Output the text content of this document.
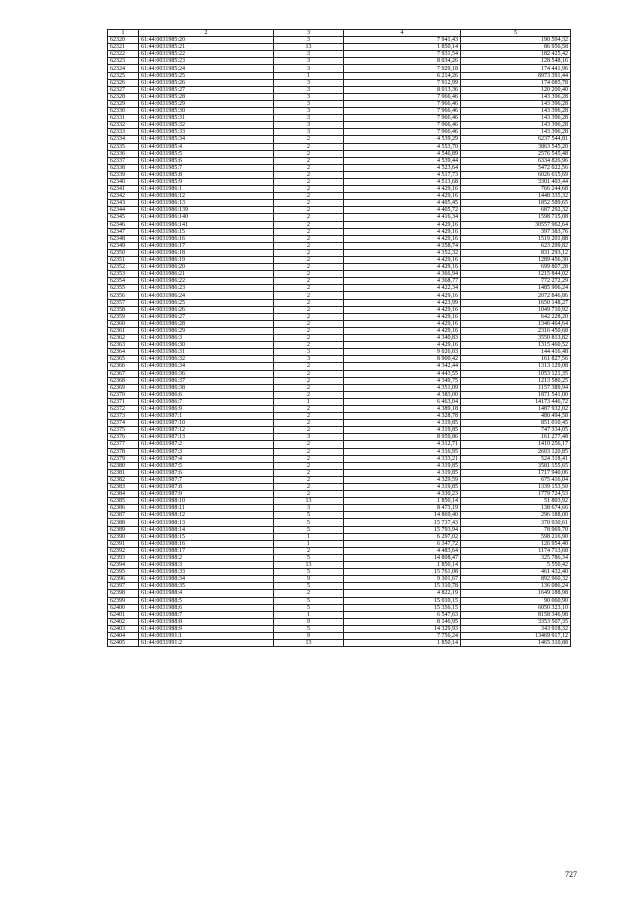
1	2	3	4	5
62320	61:44:0031985:20	3	7 941,43	190 594,32
62321	61:44:0031985:21	13	1 850,14	86 956,58
62322	61:44:0031985:22	3	7 931,54	182 425,42
62323	61:44:0031985:23	3	8 034,26	128 548,16
62324	61:44:0031985:24	3	7 929,18	174 441,96
62325	61:44:0031985:25	1	6 214,26	8973 391,44
62326	61:44:0031985:26	3	7 912,99	174 085,78
62327	61:44:0031985:27	3	8 013,36	120 200,40
62328	61:44:0031985:28	3	7 966,46	143 396,28
62329	61:44:0031985:29	3	7 966,46	143 396,28
62330	61:44:0031985:30	3	7 966,46	143 396,28
62331	61:44:0031985:31	3	7 966,46	143 396,28
62332	61:44:0031985:32	3	7 966,46	143 396,28
62333	61:44:0031985:33	3	7 966,46	143 396,28
62334	61:44:0031985:34	2	4 539,29	6237 544,81
62335	61:44:0031985:4	2	4 553,70	3863 545,20
62336	61:44:0031985:5	2	4 546,89	2576 545,48
62337	61:44:0031985:6	2	4 539,44	6334 826,96
62338	61:44:0031985:7	2	4 523,64	5472 022,56
62339	61:44:0031985:8	2	4 517,73	6026 615,69
62340	61:44:0031985:9	2	4 513,68	3301 403,44
62341	61:44:0031986:1	2	4 429,16	766 244,68
62342	61:44:0031986:12	2	4 429,16	1448 335,32
62343	61:44:0031986:13	2	4 405,45	1852 589,65
62344	61:44:0031986:139	2	4 405,72	687 292,32
62345	61:44:0031986:140	2	4 416,34	1598 715,08
62346	61:44:0031986:141	2	4 429,16	30557 962,64
62347	61:44:0031986:15	2	4 429,16	397 383,76
62348	61:44:0031986:16	2	4 429,16	1519 201,88
62349	61:44:0031986:17	2	4 358,74	623 299,82
62350	61:44:0031986:18	2	4 352,32	831 293,12
62351	61:44:0031986:19	2	4 429,16	1289 456,30
62352	61:44:0031986:20	2	4 429,16	699 807,28
62353	61:44:0031986:21	2	4 366,94	1215 844,02
62354	61:44:0031986:22	2	4 368,77	772 272,29
62355	61:44:0031986:23	2	4 422,34	1485 906,24
62356	61:44:0031986:24	2	4 429,16	2072 846,86
62357	61:44:0031986:25	2	4 423,99	1650 148,27
62358	61:44:0031986:26	2	4 429,16	1049 710,92
62359	61:44:0031986:27	2	4 429,16	642 228,20
62360	61:44:0031986:28	2	4 429,16	1346 464,64
62361	61:44:0031986:29	2	4 429,16	2316 450,68
62362	61:44:0031986:3	2	4 340,83	3550 813,82
62363	61:44:0031986:30	2	4 429,16	1315 460,52
62364	61:44:0031986:31	3	9 026,03	144 416,48
62365	61:44:0031986:32	3	8 900,42	161 827,56
62366	61:44:0031986:34	2	4 342,44	1313 129,08
62367	61:44:0031986:36	2	4 443,55	1053 121,35
62368	61:44:0031986:37	2	4 349,75	1213 580,25
62369	61:44:0031986:38	2	4 351,09	1157 389,94
62370	61:44:0031986:6	2	4 383,00	1871 541,00
62371	61:44:0031986:7	1	6 463,04	14173 446,72
62372	61:44:0031986:9	2	4 389,18	1487 932,02
62373	61:44:0031987:1	2	4 328,78	480 494,58
62374	61:44:0031987:10	2	4 319,85	851 010,45
62375	61:44:0031987:12	2	4 319,85	747 334,05
62376	61:44:0031987:13	3	8 959,86	161 277,48
62377	61:44:0031987:2	2	4 312,71	1410 256,17
62378	61:44:0031987:3	2	4 316,95	2603 120,85
62379	61:44:0031987:4	2	4 333,21	524 318,41
62380	61:44:0031987:5	2	4 319,85	3581 155,65
62381	61:44:0031987:6	2	4 319,85	1717 940,06
62382	61:44:0031987:7	2	4 329,59	675 416,04
62383	61:44:0031987:8	2	4 319,85	1339 153,50
62384	61:44:0031987:9	2	4 330,23	1779 724,53
62385	61:44:0031988:10	13	1 850,14	51 803,92
62386	61:44:0031988:11	3	8 473,19	138 674,66
62387	61:44:0031988:12	5	14 869,40	296 188,00
62388	61:44:0031988:13	5	15 737,43	370 930,61
62389	61:44:0031988:14	5	15 793,94	78 969,70
62390	61:44:0031988:15	1	6 297,02	598 216,90
62391	61:44:0031988:16	1	6 347,72	126 954,40
62392	61:44:0031988:17	2	4 483,64	1174 713,68
62393	61:44:0031988:2	5	14 808,47	325 786,34
62394	61:44:0031988:3	13	1 850,14	5 550,42
62395	61:44:0031988:33	5	15 761,08	461 432,40
62396	61:44:0031988:34	9	9 301,67	892 960,32
62397	61:44:0031988:35	5	15 310,78	136 086,24
62398	61:44:0031988:4	2	4 822,19	1649 188,98
62399	61:44:0031988:5	5	15 010,15	90 060,90
62400	61:44:0031988:6	5	15 356,15	6050 323,10
62401	61:44:0031988:7	1	6 547,63	8158 346,98
62402	61:44:0031988:8	9	8 146,95	3353 507,35
62403	61:44:0031988:9	5	14 329,93	343 918,32
62404	61:44:0031991:1	9	7 756,24	13469 917,12
62405	61:44:0031991:2	13	1 850,14	1465 310,88
727
